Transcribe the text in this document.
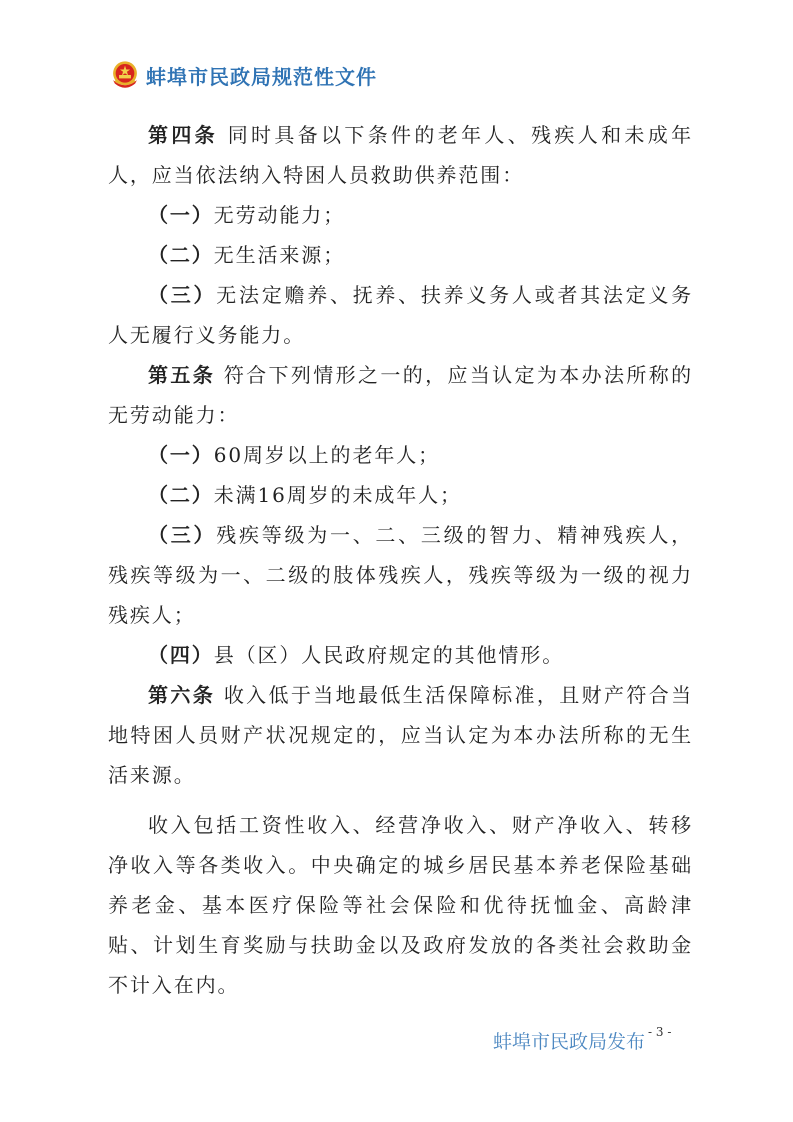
蚌埠市民政局规范性文件

第四条 同时具备以下条件的老年人、残疾人和未成年人，应当依法纳入特困人员救助供养范围：

（一）无劳动能力；

（二）无生活来源；

（三）无法定赡养、抚养、扶养义务人或者其法定义务人无履行义务能力。

第五条 符合下列情形之一的，应当认定为本办法所称的无劳动能力：

（一）60周岁以上的老年人；

（二）未满16周岁的未成年人；

（三）残疾等级为一、二、三级的智力、精神残疾人，残疾等级为一、二级的肢体残疾人，残疾等级为一级的视力残疾人；

（四）县（区）人民政府规定的其他情形。

第六条 收入低于当地最低生活保障标准，且财产符合当地特困人员财产状况规定的，应当认定为本办法所称的无生活来源。

收入包括工资性收入、经营净收入、财产净收入、转移净收入等各类收入。中央确定的城乡居民基本养老保险基础养老金、基本医疗保险等社会保险和优待抚恤金、高龄津贴、计划生育奖励与扶助金以及政府发放的各类社会救助金不计入在内。

蚌埠市民政局发布 - 3 -
